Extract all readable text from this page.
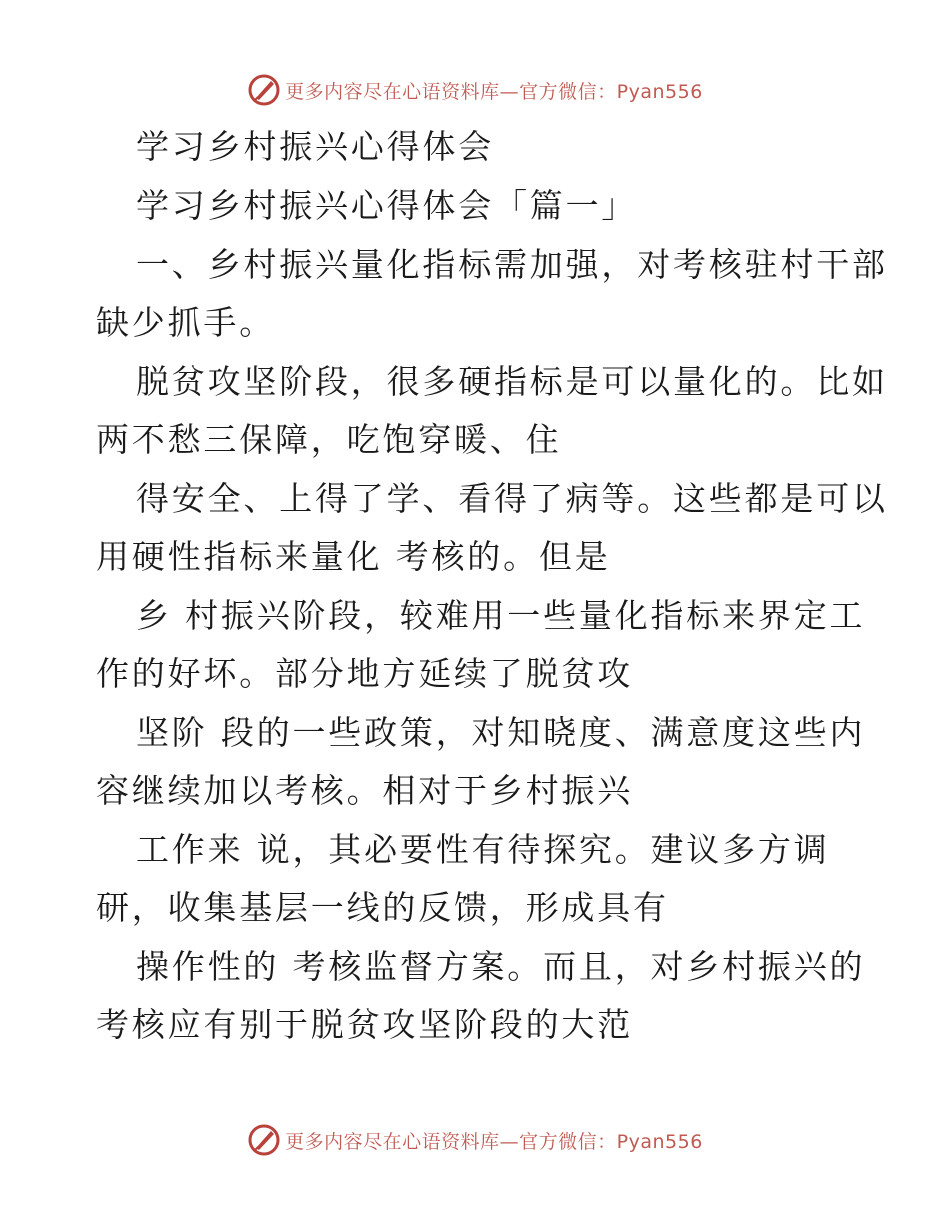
更多内容尽在心语资料库—官方微信：Pyan556
学习乡村振兴心得体会
学习乡村振兴心得体会「篇一」
一、乡村振兴量化指标需加强，对考核驻村干部
缺少抓手。
脱贫攻坚阶段，很多硬指标是可以量化的。比如
两不愁三保障，吃饱穿暖、住
得安全、上得了学、看得了病等。这些都是可以
用硬性指标来量化 考核的。但是
乡 村振兴阶段，较难用一些量化指标来界定工
作的好坏。部分地方延续了脱贫攻
坚阶 段的一些政策，对知晓度、满意度这些内
容继续加以考核。相对于乡村振兴
工作来 说，其必要性有待探究。建议多方调
研，收集基层一线的反馈，形成具有
操作性的 考核监督方案。而且，对乡村振兴的
考核应有别于脱贫攻坚阶段的大范
更多内容尽在心语资料库—官方微信：Pyan556
